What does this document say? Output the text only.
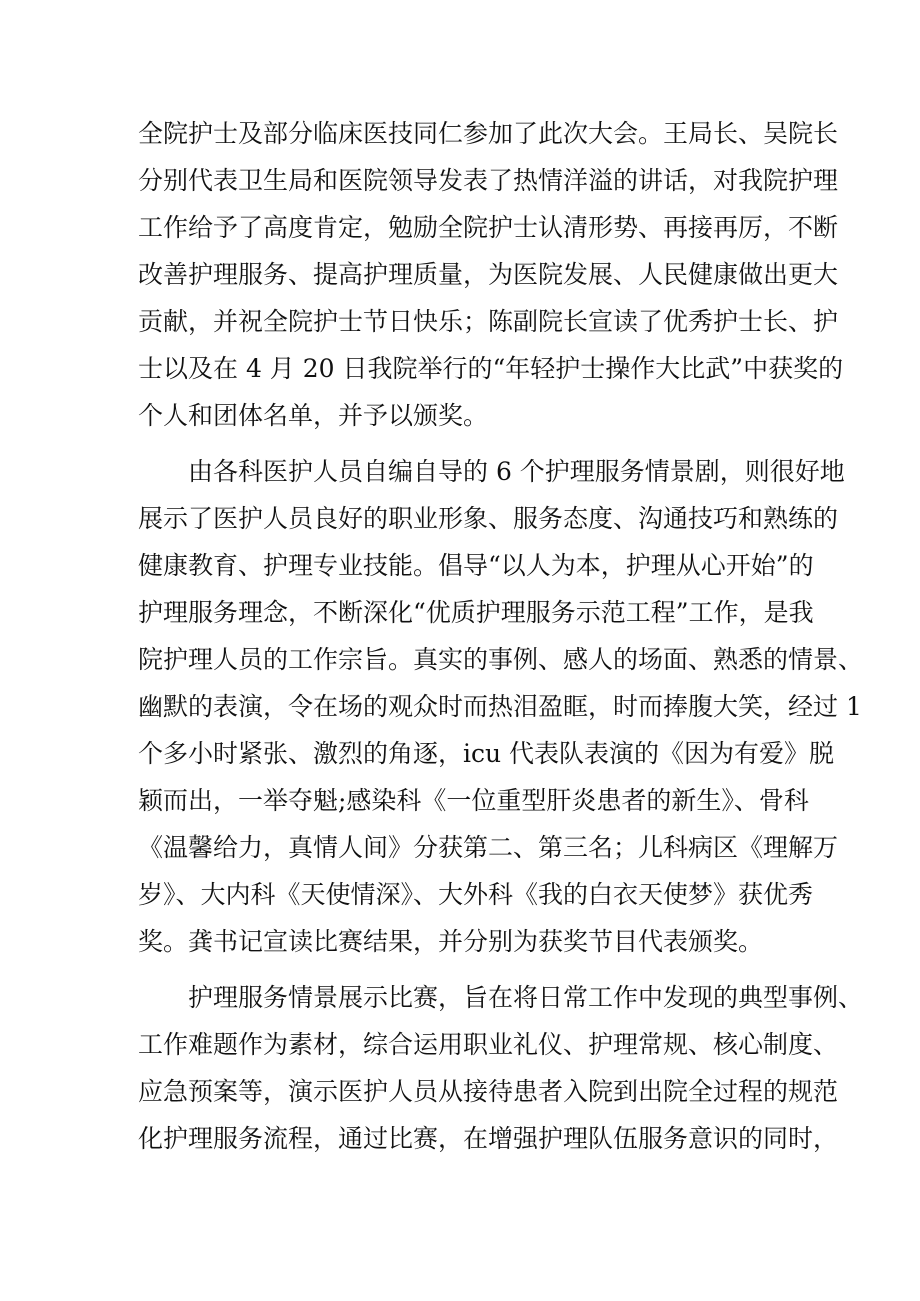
全院护士及部分临床医技同仁参加了此次大会。王局长、吴院长
分别代表卫生局和医院领导发表了热情洋溢的讲话，对我院护理
工作给予了高度肯定，勉励全院护士认清形势、再接再厉，不断
改善护理服务、提高护理质量，为医院发展、人民健康做出更大
贡献，并祝全院护士节日快乐；陈副院长宣读了优秀护士长、护
士以及在 4 月 20 日我院举行的“年轻护士操作大比武”中获奖的
个人和团体名单，并予以颁奖。
由各科医护人员自编自导的 6 个护理服务情景剧，则很好地
展示了医护人员良好的职业形象、服务态度、沟通技巧和熟练的
健康教育、护理专业技能。倡导“以人为本，护理从心开始”的
护理服务理念，不断深化“优质护理服务示范工程”工作，是我
院护理人员的工作宗旨。真实的事例、感人的场面、熟悉的情景、
幽默的表演，令在场的观众时而热泪盈眶，时而捧腹大笑，经过 1
个多小时紧张、激烈的角逐，icu 代表队表演的《因为有爱》脱
颖而出，一举夺魁;感染科《一位重型肝炎患者的新生》、骨科
《温馨给力，真情人间》分获第二、第三名；儿科病区《理解万
岁》、大内科《天使情深》、大外科《我的白衣天使梦》获优秀
奖。龚书记宣读比赛结果，并分别为获奖节目代表颁奖。
护理服务情景展示比赛，旨在将日常工作中发现的典型事例、
工作难题作为素材，综合运用职业礼仪、护理常规、核心制度、
应急预案等，演示医护人员从接待患者入院到出院全过程的规范
化护理服务流程，通过比赛，在增强护理队伍服务意识的同时，
